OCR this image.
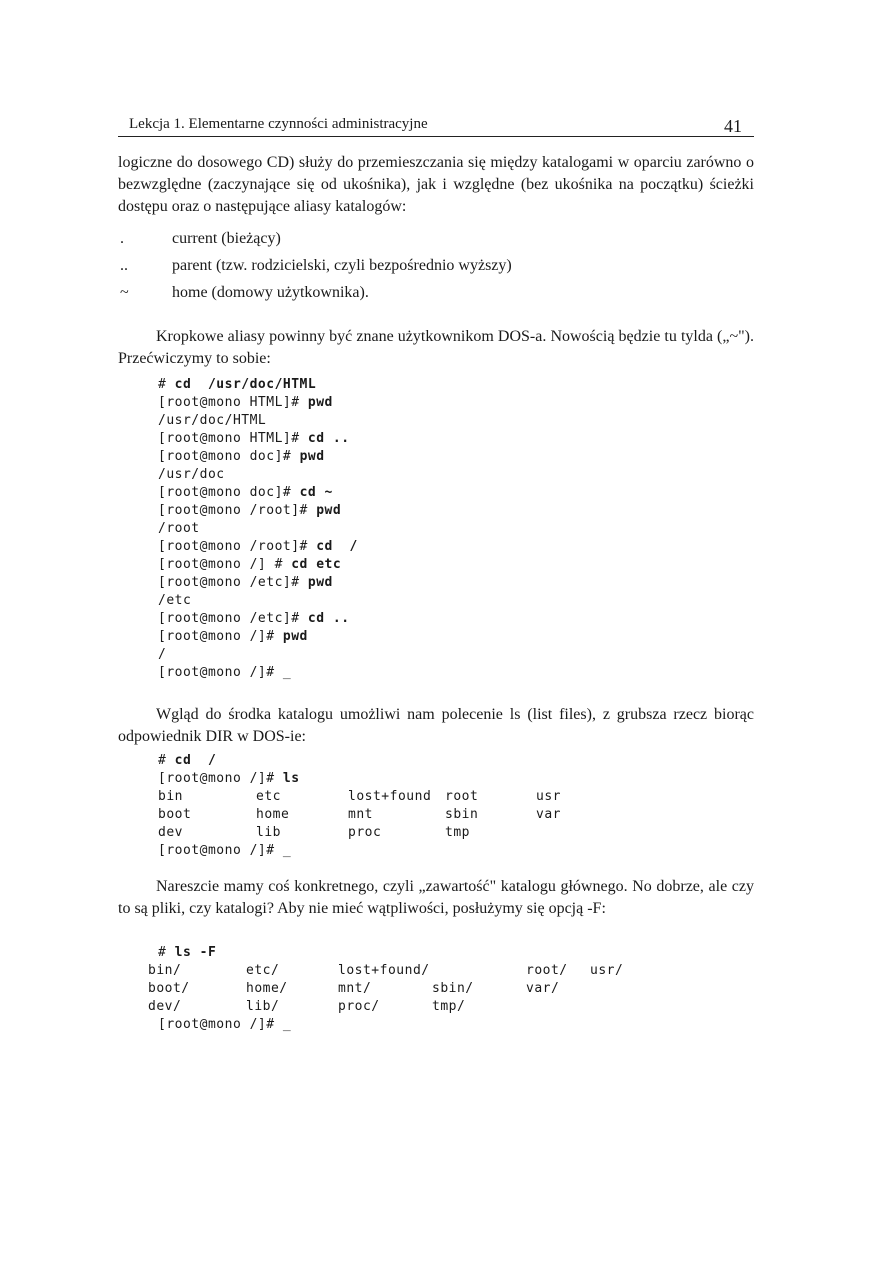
Lekcja 1. Elementarne czynności administracyjne	41

logiczne do dosowego CD) służy do przemieszczania się między katalogami w oparciu zarówno o bezwzględne (zaczynające się od ukośnika), jak i względne (bez ukośnika na początku) ścieżki dostępu oraz o następujące aliasy katalogów:

.	current (bieżący)
..	parent (tzw. rodzicielski, czyli bezpośrednio wyższy)
~	home (domowy użytkownika).

Kropkowe aliasy powinny być znane użytkownikom DOS-a. Nowością będzie tu tylda („~"). Przećwiczymy to sobie:

# cd  /usr/doc/HTML
[root@mono HTML]# pwd
/usr/doc/HTML
[root@mono HTML]# cd ..
[root@mono doc]# pwd
/usr/doc
[root@mono doc]# cd ~
[root@mono /root]# pwd
/root
[root@mono /root]# cd  /
[root@mono /] # cd etc
[root@mono /etc]# pwd
/etc
[root@mono /etc]# cd ..
[root@mono /]# pwd
/
[root@mono /]# _

Wgląd do środka katalogu umożliwi nam polecenie ls (list files), z grubsza rzecz biorąc odpowiednik DIR w DOS-ie:

# cd  /
[root@mono /]# ls
bin	etc	lost+found root	usr
boot	home	mnt	sbin	var
dev	lib	proc	tmp
[root@mono /]# _

Nareszcie mamy coś konkretnego, czyli „zawartość" katalogu głównego. No dobrze, ale czy to są pliki, czy katalogi? Aby nie mieć wątpliwości, posłużymy się opcją -F:

# ls -F
bin/	etc/	lost+found/	root/ usr/
boot/	home/	mnt/	sbin/	var/
dev/	lib/	proc/	tmp/
[root@mono /]# _
